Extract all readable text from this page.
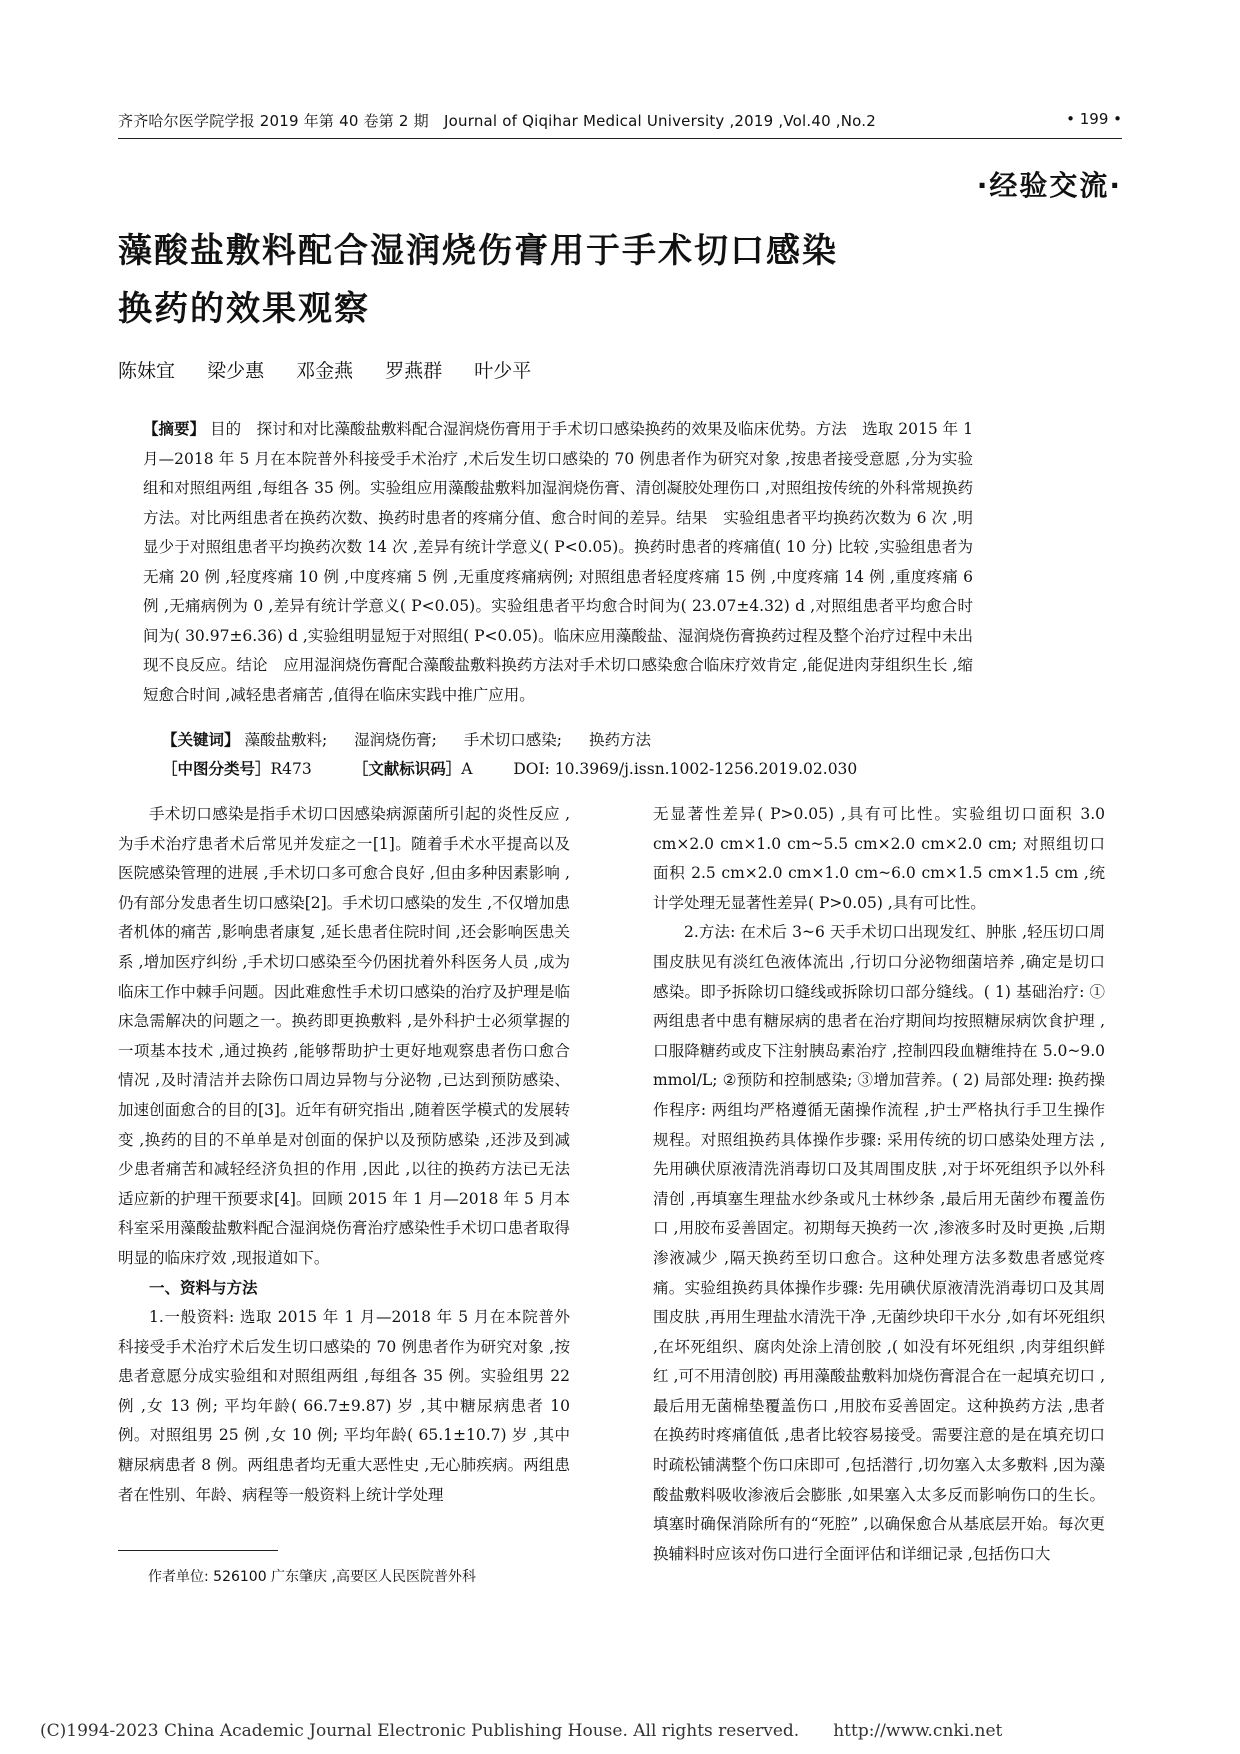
齐齐哈尔医学院学报 2019 年第 40 卷第 2 期　Journal of Qiqihar Medical University ,2019 ,Vol.40 ,No.2	• 199 •
·经验交流·
藻酸盐敷料配合湿润烧伤膏用于手术切口感染
换药的效果观察
陈妹宜 梁少惠 邓金燕 罗燕群 叶少平

【摘要】 目的　探讨和对比藻酸盐敷料配合湿润烧伤膏用于手术切口感染换药的效果及临床优势。方法　选取 2015 年 1 月—2018 年 5 月在本院普外科接受手术治疗 ,术后发生切口感染的 70 例患者作为研究对象 ,按患者接受意愿 ,分为实验组和对照组两组 ,每组各 35 例。实验组应用藻酸盐敷料加湿润烧伤膏、清创凝胶处理伤口 ,对照组按传统的外科常规换药方法。对比两组患者在换药次数、换药时患者的疼痛分值、愈合时间的差异。结果　实验组患者平均换药次数为 6 次 ,明显少于对照组患者平均换药次数 14 次 ,差异有统计学意义( P<0.05)。换药时患者的疼痛值( 10 分) 比较 ,实验组患者为无痛 20 例 ,轻度疼痛 10 例 ,中度疼痛 5 例 ,无重度疼痛病例; 对照组患者轻度疼痛 15 例 ,中度疼痛 14 例 ,重度疼痛 6 例 ,无痛病例为 0 ,差异有统计学意义( P<0.05)。实验组患者平均愈合时间为( 23.07±4.32) d ,对照组患者平均愈合时间为( 30.97±6.36) d ,实验组明显短于对照组( P<0.05)。临床应用藻酸盐、湿润烧伤膏换药过程及整个治疗过程中未出现不良反应。结论　应用湿润烧伤膏配合藻酸盐敷料换药方法对手术切口感染愈合临床疗效肯定 ,能促进肉芽组织生长 ,缩短愈合时间 ,减轻患者痛苦 ,值得在临床实践中推广应用。

【关键词】 藻酸盐敷料; 湿润烧伤膏; 手术切口感染; 换药方法
［中图分类号］R473	［文献标识码］A	DOI: 10.3969/j.issn.1002-1256.2019.02.030

手术切口感染是指手术切口因感染病源菌所引起的炎性反应 ,为手术治疗患者术后常见并发症之一[1]。随着手术水平提高以及医院感染管理的进展 ,手术切口多可愈合良好 ,但由多种因素影响 ,仍有部分发患者生切口感染[2]。手术切口感染的发生 ,不仅增加患者机体的痛苦 ,影响患者康复 ,延长患者住院时间 ,还会影响医患关系 ,增加医疗纠纷 ,手术切口感染至今仍困扰着外科医务人员 ,成为临床工作中棘手问题。因此难愈性手术切口感染的治疗及护理是临床急需解决的问题之一。换药即更换敷料 ,是外科护士必须掌握的一项基本技术 ,通过换药 ,能够帮助护士更好地观察患者伤口愈合情况 ,及时清洁并去除伤口周边异物与分泌物 ,已达到预防感染、加速创面愈合的目的[3]。近年有研究指出 ,随着医学模式的发展转变 ,换药的目的不单单是对创面的保护以及预防感染 ,还涉及到减少患者痛苦和减轻经济负担的作用 ,因此 ,以往的换药方法已无法适应新的护理干预要求[4]。回顾 2015 年 1 月—2018 年 5 月本科室采用藻酸盐敷料配合湿润烧伤膏治疗感染性手术切口患者取得明显的临床疗效 ,现报道如下。

一、资料与方法

1.一般资料: 选取 2015 年 1 月—2018 年 5 月在本院普外科接受手术治疗术后发生切口感染的 70 例患者作为研究对象 ,按患者意愿分成实验组和对照组两组 ,每组各 35 例。实验组男 22 例 ,女 13 例; 平均年龄( 66.7±9.87) 岁 ,其中糖尿病患者 10 例。对照组男 25 例 ,女 10 例; 平均年龄( 65.1±10.7) 岁 ,其中糖尿病患者 8 例。两组患者均无重大恶性史 ,无心肺疾病。两组患者在性别、年龄、病程等一般资料上统计学处理

作者单位: 526100 广东肇庆 ,高要区人民医院普外科

无显著性差异( P>0.05) ,具有可比性。实验组切口面积 3.0 cm×2.0 cm×1.0 cm~5.5 cm×2.0 cm×2.0 cm; 对照组切口面积 2.5 cm×2.0 cm×1.0 cm~6.0 cm×1.5 cm×1.5 cm ,统计学处理无显著性差异( P>0.05) ,具有可比性。

2.方法: 在术后 3~6 天手术切口出现发红、肿胀 ,轻压切口周围皮肤见有淡红色液体流出 ,行切口分泌物细菌培养 ,确定是切口感染。即予拆除切口缝线或拆除切口部分缝线。( 1) 基础治疗: ①两组患者中患有糖尿病的患者在治疗期间均按照糖尿病饮食护理 ,口服降糖药或皮下注射胰岛素治疗 ,控制四段血糖维持在 5.0~9.0 mmol/L; ②预防和控制感染; ③增加营养。( 2) 局部处理: 换药操作程序: 两组均严格遵循无菌操作流程 ,护士严格执行手卫生操作规程。对照组换药具体操作步骤: 采用传统的切口感染处理方法 ,先用碘伏原液清洗消毒切口及其周围皮肤 ,对于坏死组织予以外科清创 ,再填塞生理盐水纱条或凡士林纱条 ,最后用无菌纱布覆盖伤口 ,用胶布妥善固定。初期每天换药一次 ,渗液多时及时更换 ,后期渗液减少 ,隔天换药至切口愈合。这种处理方法多数患者感觉疼痛。实验组换药具体操作步骤: 先用碘伏原液清洗消毒切口及其周围皮肤 ,再用生理盐水清洗干净 ,无菌纱块印干水分 ,如有坏死组织 ,在坏死组织、腐肉处涂上清创胶 ,( 如没有坏死组织 ,肉芽组织鲜红 ,可不用清创胶) 再用藻酸盐敷料加烧伤膏混合在一起填充切口 ,最后用无菌棉垫覆盖伤口 ,用胶布妥善固定。这种换药方法 ,患者在换药时疼痛值低 ,患者比较容易接受。需要注意的是在填充切口时疏松铺满整个伤口床即可 ,包括潜行 ,切勿塞入太多敷料 ,因为藻酸盐敷料吸收渗液后会膨胀 ,如果塞入太多反而影响伤口的生长。填塞时确保消除所有的“死腔” ,以确保愈合从基底层开始。每次更换辅料时应该对伤口进行全面评估和详细记录 ,包括伤口大

(C)1994-2023 China Academic Journal Electronic Publishing House. All rights reserved.　　http://www.cnki.net
